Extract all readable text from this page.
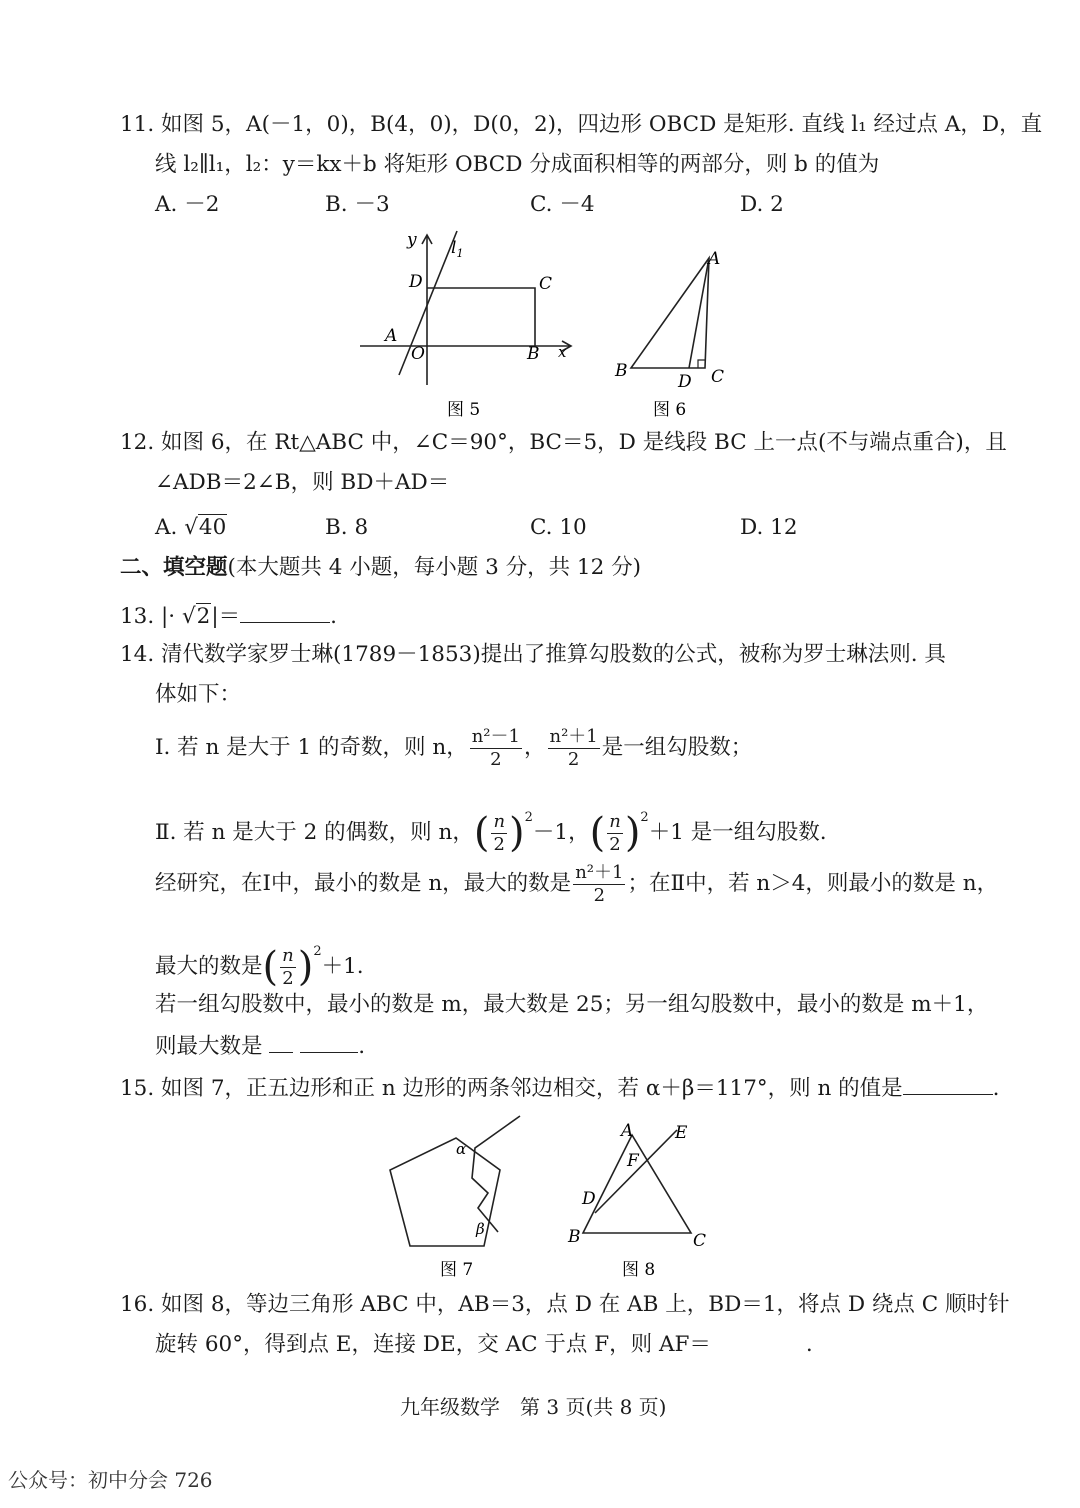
11. 如图 5，A(－1，0)，B(4，0)，D(0，2)，四边形 OBCD 是矩形. 直线 l₁ 经过点 A，D，直
线 l₂∥l₁，l₂：y＝kx＋b 将矩形 OBCD 分成面积相等的两部分，则 b 的值为
A. －2	B. －3	C. －4	D. 2
y $l_1$
D	C
A
O	B x
图 5
A
B
D C
图 6
12. 如图 6，在 Rt△ABC 中，∠C＝90°，BC＝5，D 是线段 BC 上一点(不与端点重合)，且
∠ADB＝2∠B，则 BD＋AD＝
A. √40	B. 8	C. 10	D. 12
二、填空题(本大题共 4 小题，每小题 3 分，共 12 分)
13. |· √2|＝	.
14. 清代数学家罗士琳(1789－1853)提出了推算勾股数的公式，被称为罗士琳法则. 具
体如下：
Ⅰ. 若 n 是大于 1 的奇数，则 n， $\frac{\text{n²－1}}{2}$ ， $\frac{\text{n²＋1}}{2}$ 是一组勾股数；
Ⅱ. 若 n 是大于 2 的偶数，则 n，( $\frac{n}{2} )^2-1$，( $\frac{n}{2} )^2+1$ 是一组勾股数.
经研究，在Ⅰ中，最小的数是 n，最大的数是 $\frac{\text{n²＋1}}{2}$ ；在Ⅱ中，若 n＞4，则最小的数是 n，
最大的数是( $\frac{n}{2} )^2+1$.
若一组勾股数中，最小的数是 m，最大数是 25；另一组勾股数中，最小的数是 m＋1，
则最大数是	.
15. 如图 7，正五边形和正 n 边形的两条邻边相交，若 α＋β＝117°，则 n 的值是	.
α
β
图 7
A E
F
D
B	C
图 8
16. 如图 8，等边三角形 ABC 中，AB＝3，点 D 在 AB 上，BD＝1，将点 D 绕点 C 顺时针
旋转 60°，得到点 E，连接 DE，交 AC 于点 F，则 AF＝	.
九年级数学　第 3 页(共 8 页)
公众号：初中分会 726
